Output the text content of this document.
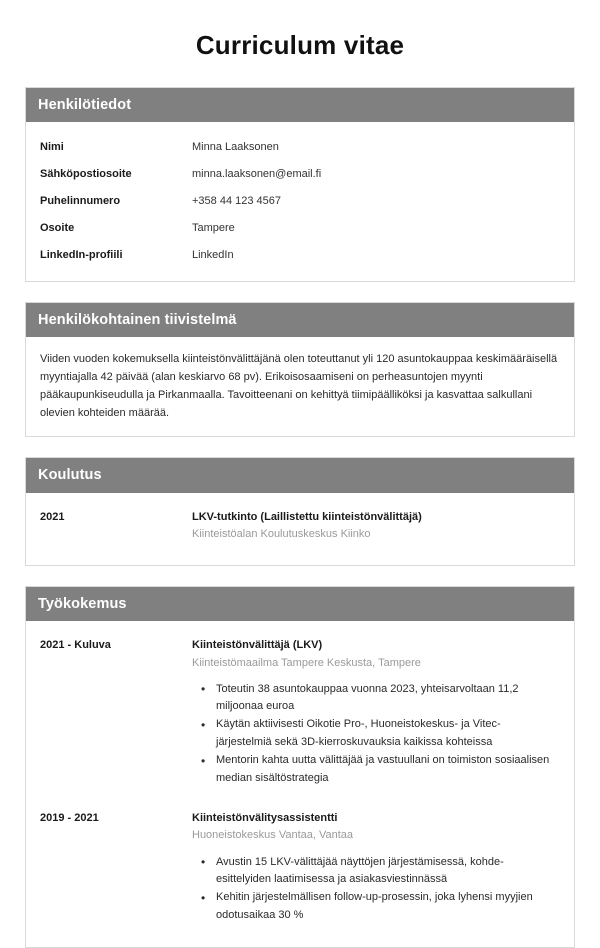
Curriculum vitae
Henkilötiedot
Nimi	Minna Laaksonen
Sähköpostiosoite	minna.laaksonen@email.fi
Puhelinnumero	+358 44 123 4567
Osoite	Tampere
LinkedIn-profiili	LinkedIn
Henkilökohtainen tiivistelmä

Viiden vuoden kokemuksella kiinteistönvälittäjänä olen toteuttanut yli 120 asuntokauppaa keskimääräisellä myyntiajalla 42 päivää (alan keskiarvo 68 pv). Erikoisosaamiseni on perheasuntojen myynti pääkaupunkiseudulla ja Pirkanmaalla. Tavoitteenani on kehittyä tiimipäälliköksi ja kasvattaa salkullani olevien kohteiden määrää.

Koulutus
2021	LKV-tutkinto (Laillistettu kiinteistönvälittäjä)
Kiinteistöalan Koulutuskeskus Kiinko
Työkokemus
2021 - Kuluva	Kiinteistönvälittäjä (LKV)
Kiinteistömaailma Tampere Keskusta, Tampere
• Toteutin 38 asuntokauppaa vuonna 2023, yhteisarvoltaan 11,2 miljoonaa euroa
• Käytän aktiivisesti Oikotie Pro-, Huoneistokeskus- ja Vitec-järjestelmiä sekä 3D-kierroskuvauksia kaikissa kohteissa
• Mentorin kahta uutta välittäjää ja vastuullani on toimiston sosiaalisen median sisältöstrategia
2019 - 2021	Kiinteistönvälitysassistentti
Huoneistokeskus Vantaa, Vantaa
• Avustin 15 LKV-välittäjää näyttöjen järjestämisessä, kohde-esittelyiden laatimisessa ja asiakasviestinnässä
• Kehitin järjestelmällisen follow-up-prosessin, joka lyhensi myyjien odotusaikaa 30 %
